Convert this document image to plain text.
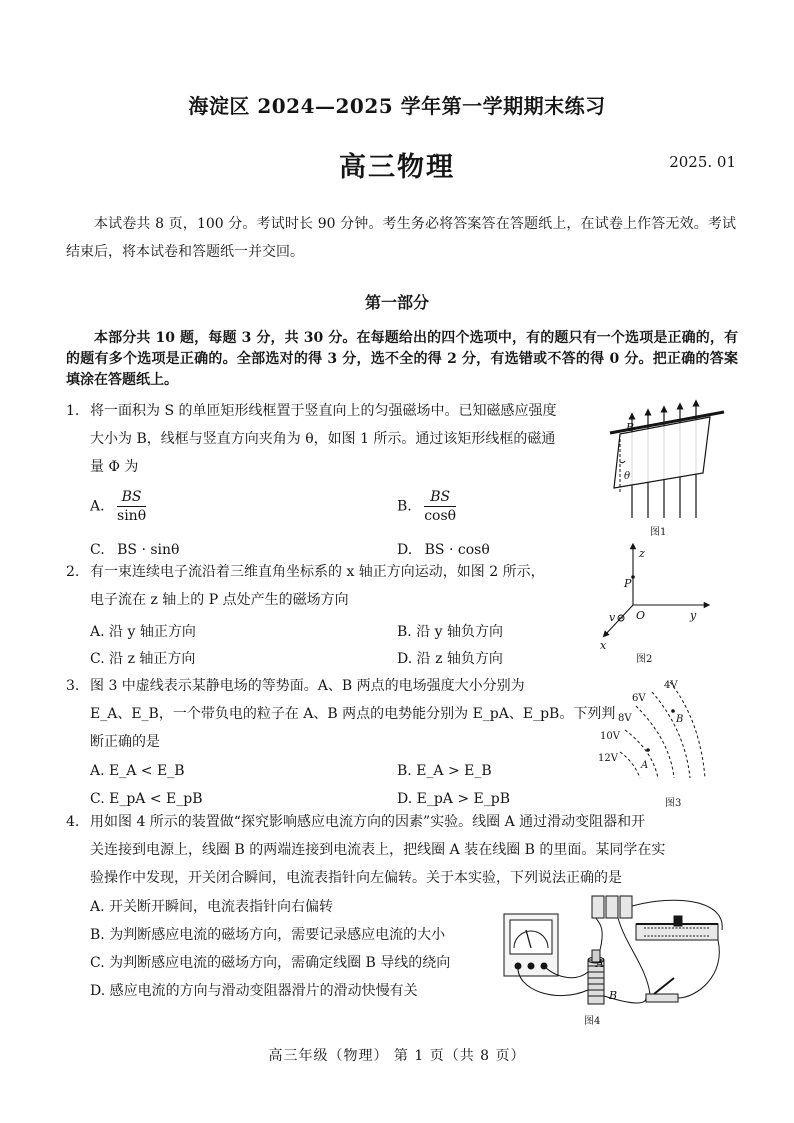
海淀区 2024—2025 学年第一学期期末练习
高三物理	2025. 01
本试卷共 8 页，100 分。考试时长 90 分钟。考生务必将答案答在答题纸上，在试卷上作答无效。考试结束后，将本试卷和答题纸一并交回。
第一部分
本部分共 10 题，每题 3 分，共 30 分。在每题给出的四个选项中，有的题只有一个选项是正确的，有的题有多个选项是正确的。全部选对的得 3 分，选不全的得 2 分，有选错或不答的得 0 分。把正确的答案填涂在答题纸上。
1. 将一面积为 S 的单匝矩形线框置于竖直向上的匀强磁场中。已知磁感应强度
大小为 B，线框与竖直方向夹角为 θ，如图 1 所示。通过该矩形线框的磁通
量 Φ 为
A. $\frac{BS}{\sin\theta}$	B. $\frac{BS}{\cos\theta}$
C. BS · sinθ	D. BS · cosθ
B
θ
图1
2. 有一束连续电子流沿着三维直角坐标系的 x 轴正方向运动，如图 2 所示，
电子流在 z 轴上的 P 点处产生的磁场方向
A. 沿 y 轴正方向	B. 沿 y 轴负方向
C. 沿 z 轴正方向	D. 沿 z 轴负方向
z
P
O	y
v
x
图2
3. 图 3 中虚线表示某静电场的等势面。A、B 两点的电场强度大小分别为
E_A、E_B，一个带负电的粒子在 A、B 两点的电势能分别为 E_pA、E_pB。下列判
断正确的是
A. E_A < E_B	B. E_A > E_B
C. E_pA < E_pB	D. E_pA > E_pB
4V
6V
8V
10V
12V
A
B
图3
4. 用如图 4 所示的装置做“探究影响感应电流方向的因素”实验。线圈 A 通过滑动变阻器和开
关连接到电源上，线圈 B 的两端连接到电流表上，把线圈 A 装在线圈 B 的里面。某同学在实
验操作中发现，开关闭合瞬间，电流表指针向左偏转。关于本实验，下列说法正确的是
A. 开关断开瞬间，电流表指针向右偏转
B. 为判断感应电流的磁场方向，需要记录感应电流的大小
C. 为判断感应电流的磁场方向，需确定线圈 B 导线的绕向
D. 感应电流的方向与滑动变阻器滑片的滑动快慢有关
A
B
图4
高三年级（物理） 第 1 页（共 8 页）
